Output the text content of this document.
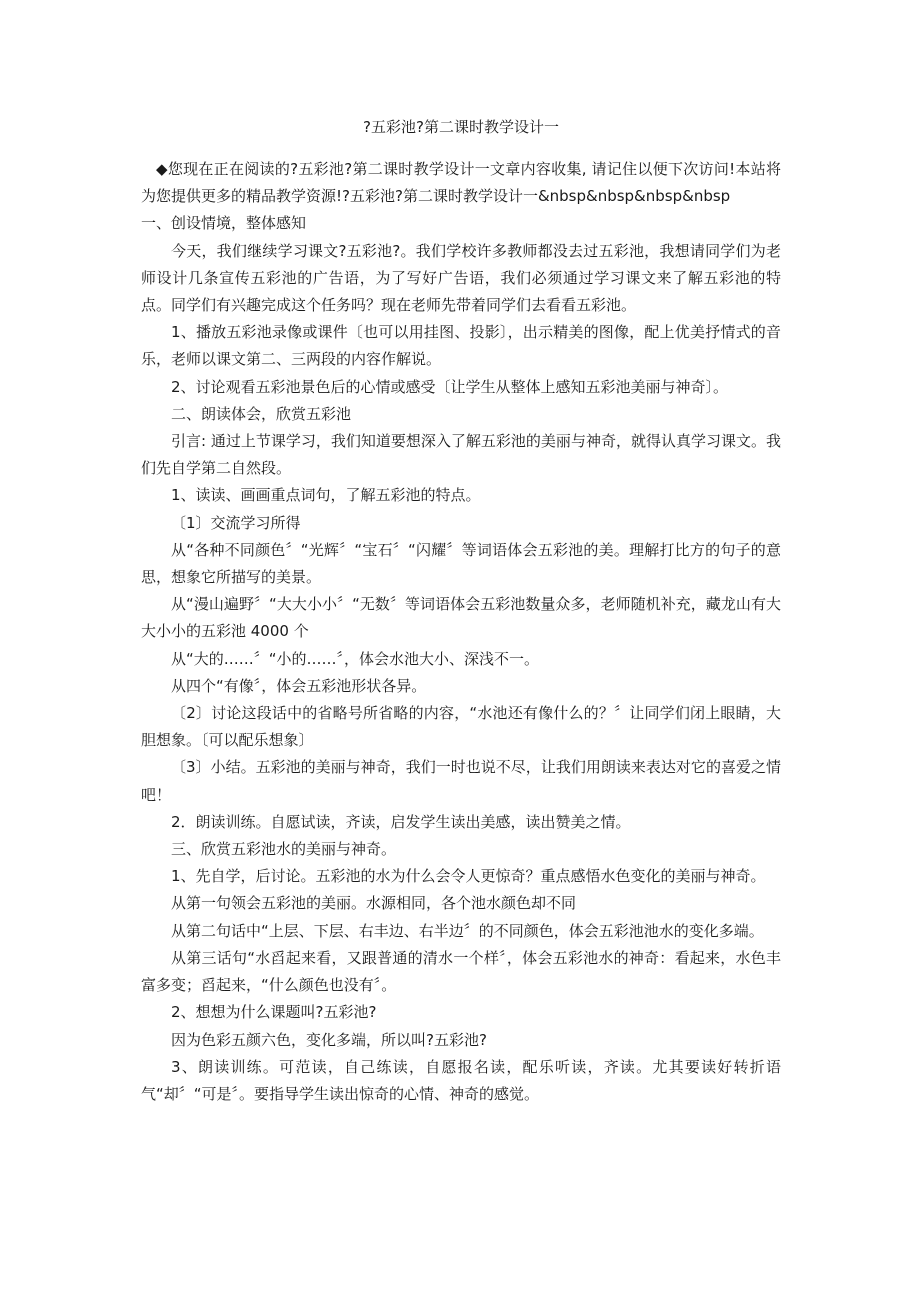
?五彩池?第二课时教学设计一

◆您现在正在阅读的?五彩池?第二课时教学设计一文章内容收集, 请记住以便下次访问!本站将为您提供更多的精品教学资源!?五彩池?第二课时教学设计一&nbsp&nbsp&nbsp&nbsp

一、创设情境，整体感知

今天，我们继续学习课文?五彩池?。我们学校许多教师都没去过五彩池，我想请同学们为老师设计几条宣传五彩池的广告语，为了写好广告语，我们必须通过学习课文来了解五彩池的特点。同学们有兴趣完成这个任务吗？现在老师先带着同学们去看看五彩池。

1、播放五彩池录像或课件〔也可以用挂图、投影〕，出示精美的图像，配上优美抒情式的音乐，老师以课文第二、三两段的内容作解说。

2、讨论观看五彩池景色后的心情或感受〔让学生从整体上感知五彩池美丽与神奇〕。

二、朗读体会，欣赏五彩池

引言: 通过上节课学习，我们知道要想深入了解五彩池的美丽与神奇，就得认真学习课文。我们先自学第二自然段。

1、读读、画画重点词句，了解五彩池的特点。

〔1〕交流学习所得

从“各种不同颜色〞“光辉〞“宝石〞“闪耀〞等词语体会五彩池的美。理解打比方的句子的意思，想象它所描写的美景。

从“漫山遍野〞“大大小小〞“无数〞等词语体会五彩池数量众多，老师随机补充，藏龙山有大大小小的五彩池 4000 个

从“大的……〞“小的……〞，体会水池大小、深浅不一。

从四个“有像〞，体会五彩池形状各异。

〔2〕讨论这段话中的省略号所省略的内容，“水池还有像什么的？〞让同学们闭上眼睛，大胆想象。〔可以配乐想象〕

〔3〕小结。五彩池的美丽与神奇，我们一时也说不尽，让我们用朗读来表达对它的喜爱之情吧！

2．朗读训练。自愿试读，齐读，启发学生读出美感，读出赞美之情。

三、欣赏五彩池水的美丽与神奇。

1、先自学，后讨论。五彩池的水为什么会令人更惊奇？重点感悟水色变化的美丽与神奇。

从第一句领会五彩池的美丽。水源相同，各个池水颜色却不同

从第二句话中“上层、下层、右丰边、右半边〞的不同颜色，体会五彩池池水的变化多端。

从第三话句“水舀起来看，又跟普通的清水一个样〞，体会五彩池水的神奇：看起来，水色丰富多变；舀起来，“什么颜色也没有〞。

2、想想为什么课题叫?五彩池?

因为色彩五颜六色，变化多端，所以叫?五彩池?

3、朗读训练。可范读，自己练读，自愿报名读，配乐听读，齐读。尤其要读好转折语气“却〞“可是〞。要指导学生读出惊奇的心情、神奇的感觉。
